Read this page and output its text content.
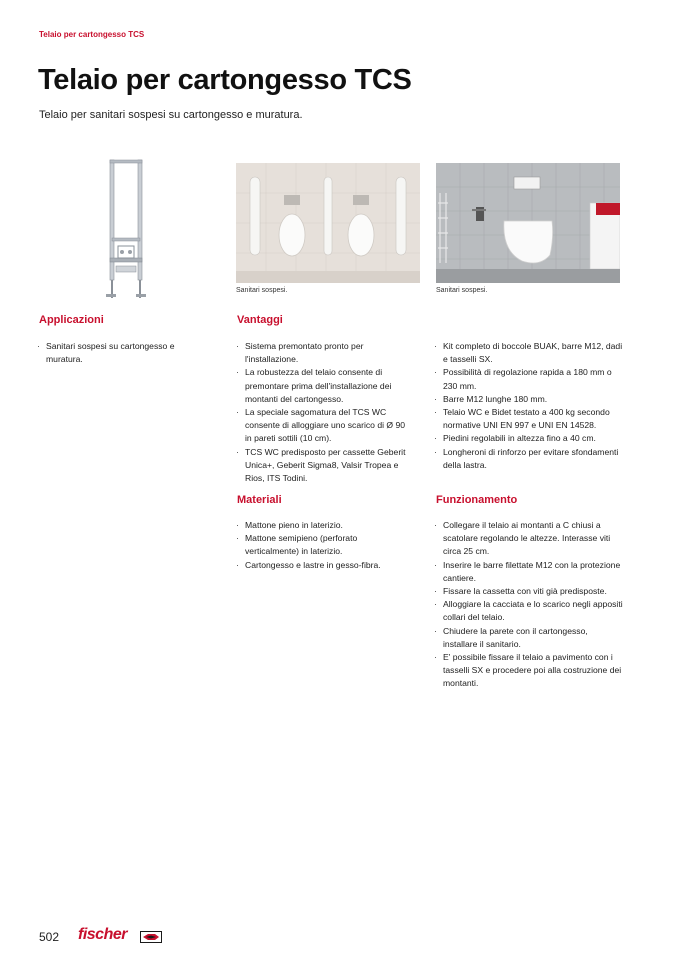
Telaio per cartongesso TCS
Telaio per cartongesso TCS

Telaio per sanitari sospesi su cartongesso e muratura.

Sanitari sospesi.	Sanitari sospesi.
Applicazioni
· Sanitari sospesi su cartongesso e muratura.
Vantaggi
· Sistema premontato pronto per l'installazione.
· La robustezza del telaio consente di premontare prima dell'installazione dei montanti del cartongesso.
· La speciale sagomatura del TCS WC consente di alloggiare uno scarico di Ø 90 in pareti sottili (10 cm).
· TCS WC predisposto per cassette Geberit Unica+, Geberit Sigma8, Valsir Tropea e Rios, ITS Todini.
· Kit completo di boccole BUAK, barre M12, dadi e tasselli SX.
· Possibilità di regolazione rapida a 180 mm o 230 mm.
· Barre M12 lunghe 180 mm.
· Telaio WC e Bidet testato a 400 kg secondo normative UNI EN 997 e UNI EN 14528.
· Piedini regolabili in altezza fino a 40 cm.
· Longheroni di rinforzo per evitare sfondamenti della lastra.
Materiali
· Mattone pieno in laterizio.
· Mattone semipieno (perforato verticalmente) in laterizio.
· Cartongesso e lastre in gesso-fibra.
Funzionamento
· Collegare il telaio ai montanti a C chiusi a scatolare regolando le altezze. Interasse viti circa 25 cm.
· Inserire le barre filettate M12 con la protezione cantiere.
· Fissare la cassetta con viti già predisposte.
· Alloggiare la cacciata e lo scarico negli appositi collari del telaio.
· Chiudere la parete con il cartongesso, installare il sanitario.
· E' possibile fissare il telaio a pavimento con i tasselli SX e procedere poi alla costruzione dei montanti.
502 fischer
